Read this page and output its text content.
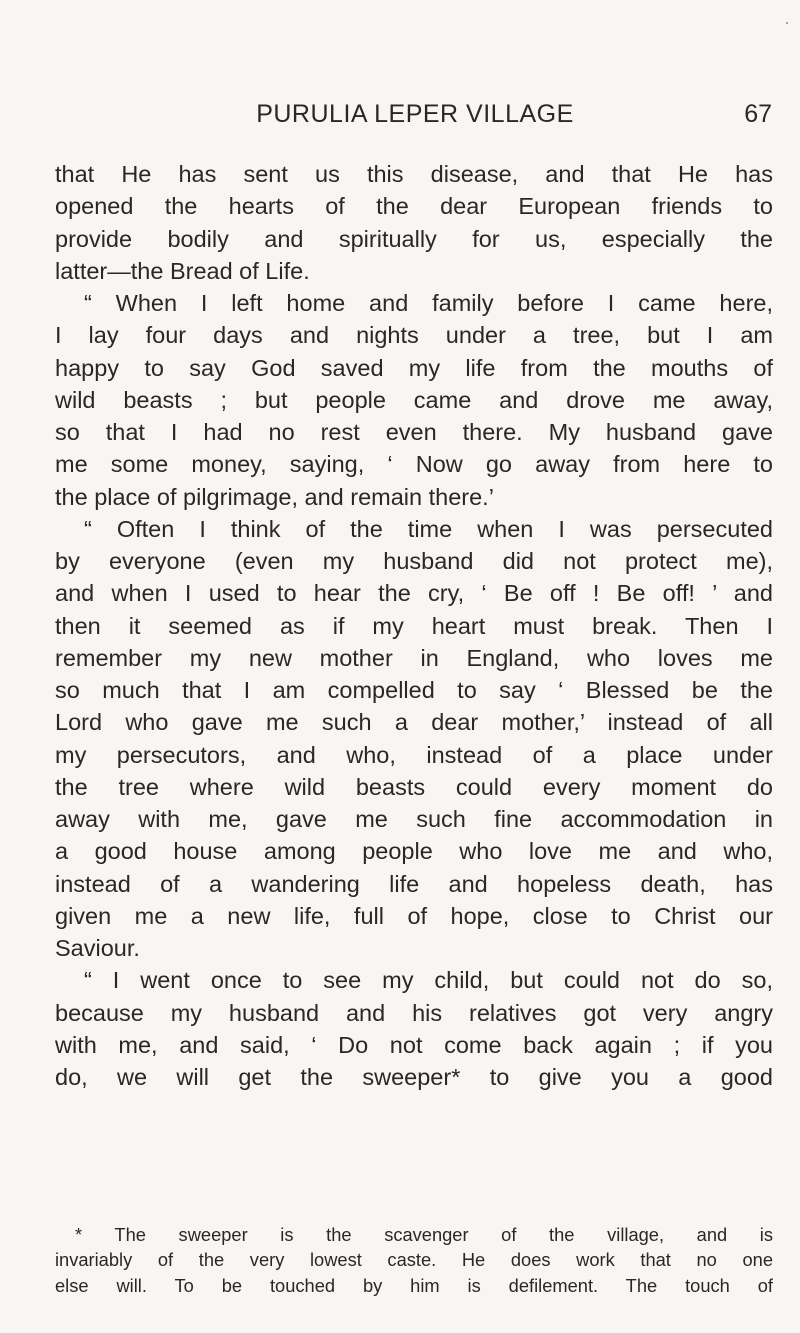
PURULIA LEPER VILLAGE	67
that He has sent us this disease, and that He has
opened the hearts of the dear European friends to
provide bodily and spiritually for us, especially the
latter—the Bread of Life.
“ When I left home and family before I came here,
I lay four days and nights under a tree, but I am
happy to say God saved my life from the mouths of
wild beasts ; but people came and drove me away,
so that I had no rest even there. My husband gave
me some money, saying, ‘ Now go away from here to
the place of pilgrimage, and remain there.’
“ Often I think of the time when I was persecuted
by everyone (even my husband did not protect me),
and when I used to hear the cry, ‘ Be off ! Be off! ’ and
then it seemed as if my heart must break. Then I
remember my new mother in England, who loves me
so much that I am compelled to say ‘ Blessed be the
Lord who gave me such a dear mother,’ instead of all
my persecutors, and who, instead of a place under
the tree where wild beasts could every moment do
away with me, gave me such fine accommodation in
a good house among people who love me and who,
instead of a wandering life and hopeless death, has
given me a new life, full of hope, close to Christ our
Saviour.
“ I went once to see my child, but could not do so,
because my husband and his relatives got very angry
with me, and said, ‘ Do not come back again ; if you
do, we will get the sweeper* to give you a good
* The sweeper is the scavenger of the village, and is
invariably of the very lowest caste. He does work that no one
else will. To be touched by him is defilement. The touch of
